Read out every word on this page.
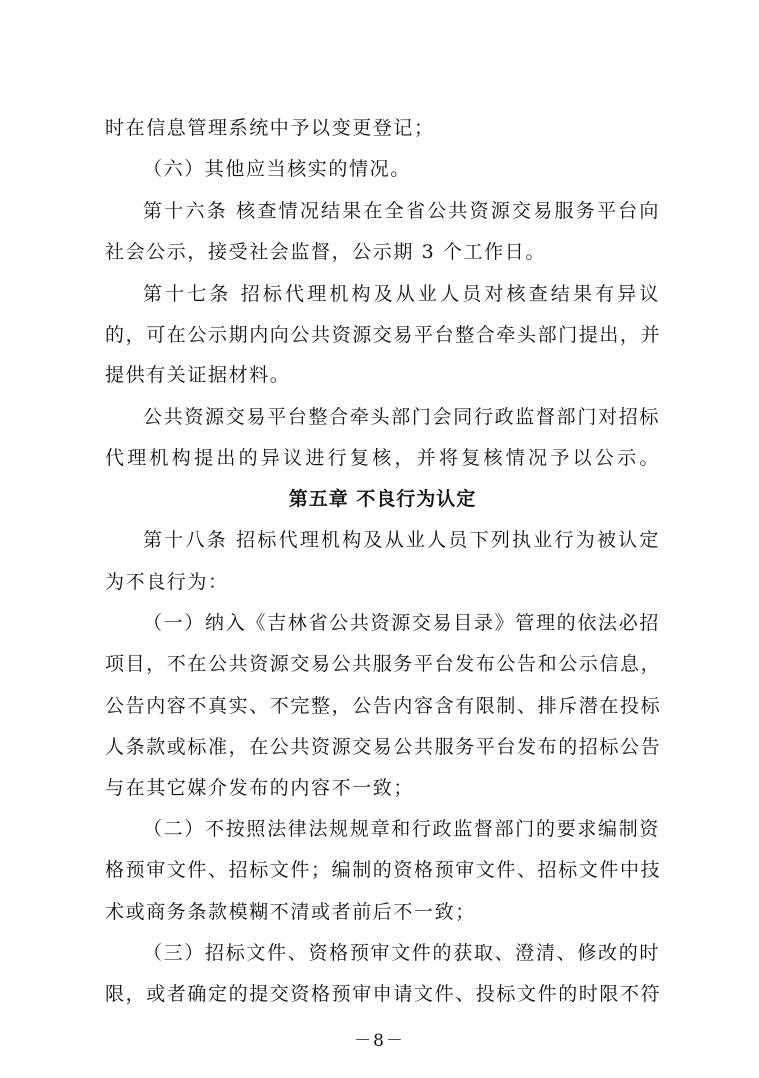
时在信息管理系统中予以变更登记；
（六）其他应当核实的情况。
第十六条 核查情况结果在全省公共资源交易服务平台向
社会公示，接受社会监督，公示期 3 个工作日。
第十七条 招标代理机构及从业人员对核查结果有异议
的，可在公示期内向公共资源交易平台整合牵头部门提出，并
提供有关证据材料。
公共资源交易平台整合牵头部门会同行政监督部门对招标
代理机构提出的异议进行复核，并将复核情况予以公示。
第五章 不良行为认定
第十八条 招标代理机构及从业人员下列执业行为被认定
为不良行为：
（一）纳入《吉林省公共资源交易目录》管理的依法必招
项目，不在公共资源交易公共服务平台发布公告和公示信息，
公告内容不真实、不完整，公告内容含有限制、排斥潜在投标
人条款或标准，在公共资源交易公共服务平台发布的招标公告
与在其它媒介发布的内容不一致；
（二）不按照法律法规规章和行政监督部门的要求编制资
格预审文件、招标文件；编制的资格预审文件、招标文件中技
术或商务条款模糊不清或者前后不一致；
（三）招标文件、资格预审文件的获取、澄清、修改的时
限，或者确定的提交资格预审申请文件、投标文件的时限不符
－8－
